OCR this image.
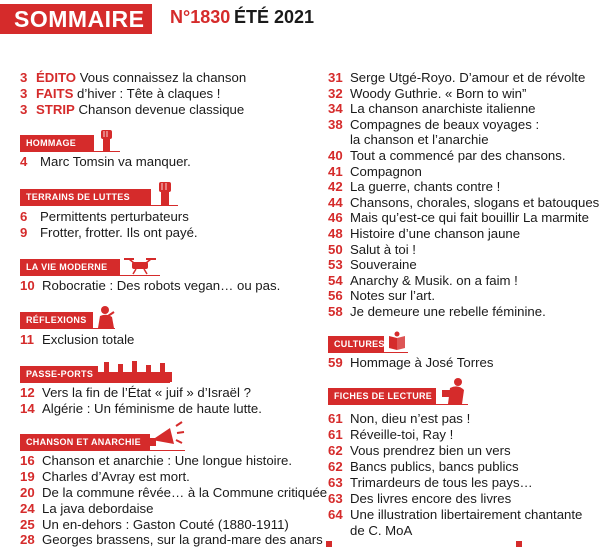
SOMMAIRE	N°1830 ÉTÉ 2021
3 ÉDITO Vous connaissez la chanson
3 FAITS d’hiver : Tête à claques !
3 STRIP Chanson devenue classique
HOMMAGE
4 Marc Tomsin va manquer.
TERRAINS DE LUTTES
6 Permittents perturbateurs
9 Frotter, frotter. Ils ont payé.
LA VIE MODERNE
10 Robocratie : Des robots vegan… ou pas.
RÉFLEXIONS
11 Exclusion totale
PASSE-PORTS
12 Vers la fin de l’État « juif » d’Israël ?
14 Algérie : Un féminisme de haute lutte.
CHANSON ET ANARCHIE
16 Chanson et anarchie : Une longue histoire.
19 Charles d’Avray est mort.
20 De la commune rêvée… à la Commune critiquée
24 La java debordaise
25 Un en-dehors : Gaston Couté (1880-1911)
28 Georges brassens, sur la grand-mare des anars
31 Serge Utgé-Royo. D’amour et de révolte
32 Woody Guthrie. « Born to win”
34 La chanson anarchiste italienne
38 Compagnes de beaux voyages :
la chanson et l’anarchie
40 Tout a commencé par des chansons.
41 Compagnon
42 La guerre, chants contre !
44 Chansons, chorales, slogans et batouques
46 Mais qu’est-ce qui fait bouillir La marmite
48 Histoire d’une chanson jaune
50 Salut à toi !
53 Souveraine
54 Anarchy & Musik. on a faim !
56 Notes sur l’art.
58 Je demeure une rebelle féminine.
CULTURES
59 Hommage à José Torres
FICHES DE LECTURE
61 Non, dieu n’est pas !
61 Réveille-toi, Ray !
62 Vous prendrez bien un vers
62 Bancs publics, bancs publics
63 Trimardeurs de tous les pays…
63 Des livres encore des livres
64 Une illustration libertairement chantante
de C. MoA
